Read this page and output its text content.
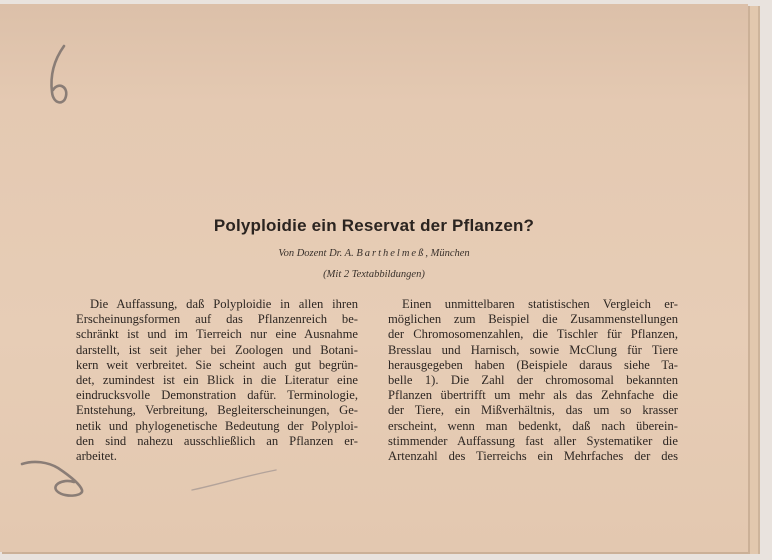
Polyploidie ein Reservat der Pflanzen?
Von Dozent Dr. A. Barthelmeß, München
(Mit 2 Textabbildungen)
Die Auffassung, daß Polyploidie in allen ihren
Erscheinungsformen auf das Pflanzenreich be-
schränkt ist und im Tierreich nur eine Ausnahme
darstellt, ist seit jeher bei Zoologen und Botani-
kern weit verbreitet. Sie scheint auch gut begrün-
det, zumindest ist ein Blick in die Literatur eine
eindrucksvolle Demonstration dafür. Terminologie,
Entstehung, Verbreitung, Begleiterscheinungen, Ge-
netik und phylogenetische Bedeutung der Polyploi-
den sind nahezu ausschließlich an Pflanzen er-
arbeitet.
Einen unmittelbaren statistischen Vergleich er-
möglichen zum Beispiel die Zusammenstellungen
der Chromosomenzahlen, die Tischler für Pflanzen,
Bresslau und Harnisch, sowie McClung für Tiere
herausgegeben haben (Beispiele daraus siehe Ta-
belle 1). Die Zahl der chromosomal bekannten
Pflanzen übertrifft um mehr als das Zehnfache die
der Tiere, ein Mißverhältnis, das um so krasser
erscheint, wenn man bedenkt, daß nach überein-
stimmender Auffassung fast aller Systematiker die
Artenzahl des Tierreichs ein Mehrfaches der des
